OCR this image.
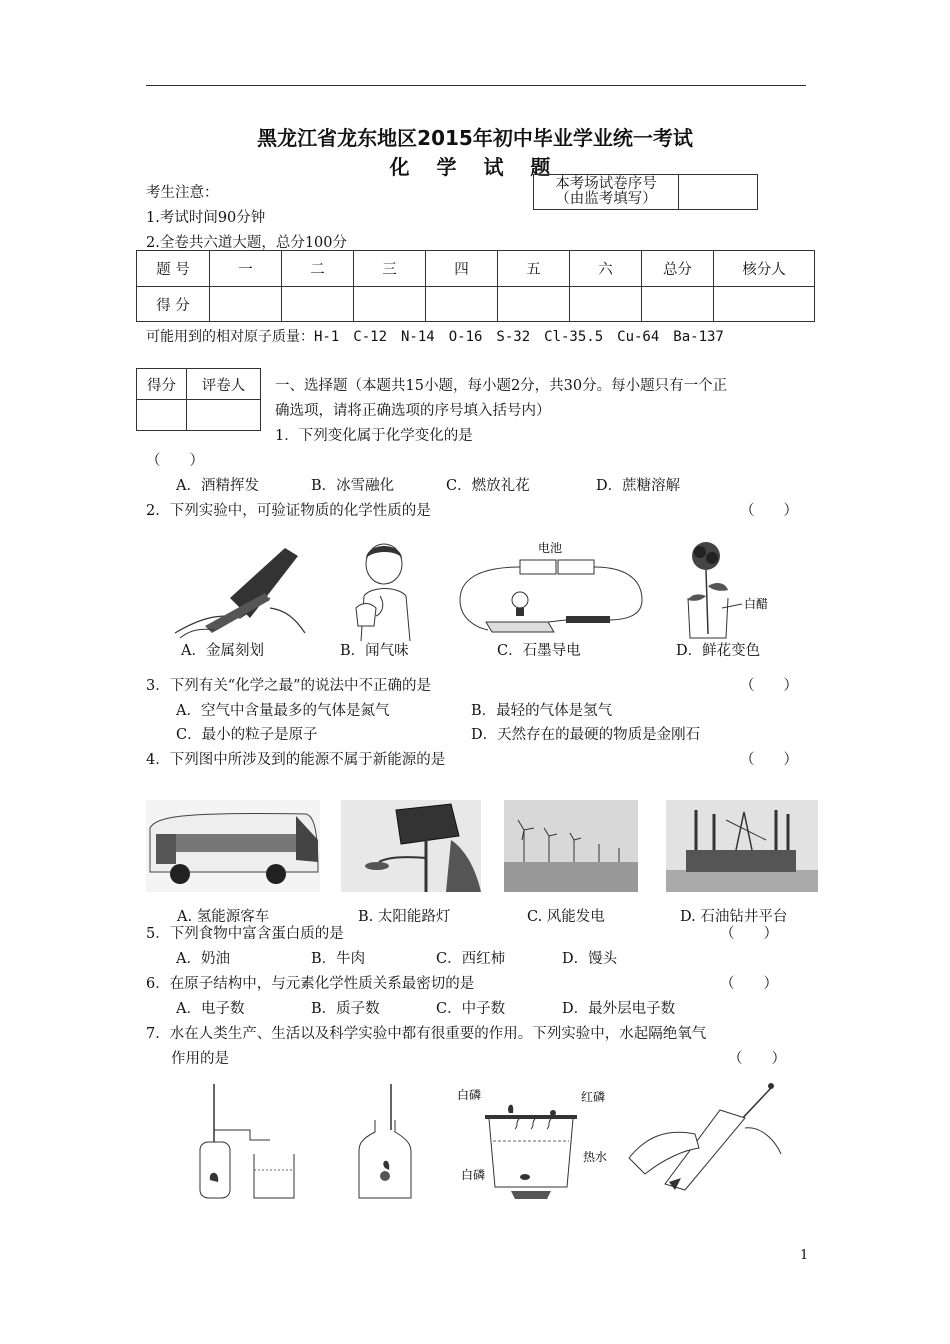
黑龙江省龙东地区2015年初中毕业学业统一考试
化 学 试 题
考生注意：
1.考试时间90分钟
2.全卷共六道大题，总分100分
本考场试卷序号
（由监考填写）

题 号	一	二	三	四	五	六	总分	核分人
得 分								
可能用到的相对原子质量：H-1　C-12　N-14　O-16　S-32　Cl-35.5　Cu-64　Ba-137
得分	评卷人
	一、选择题（本题共15小题，每小题2分，共30分。每小题只有一个正
确选项，请将正确选项的序号填入括号内）
1．下列变化属于化学变化的是
（　　）
A．酒精挥发	B．冰雪融化	C．燃放礼花	D．蔗糖溶解
2．下列实验中，可验证物质的化学性质的是	（　　）
A．金属刻划	B．闻气味
电池
C．石墨导电
白醋
D．鲜花变色
3．下列有关“化学之最”的说法中不正确的是	（　　）
A．空气中含量最多的气体是氮气	B．最轻的气体是氢气
C．最小的粒子是原子	D．天然存在的最硬的物质是金刚石
4．下列图中所涉及到的能源不属于新能源的是	（　　）
A. 氢能源客车	B. 太阳能路灯	C. 风能发电	D. 石油钻井平台
5．下列食物中富含蛋白质的是	（　　）
A．奶油	B．牛肉	C．西红柿	D．馒头
6．在原子结构中，与元素化学性质关系最密切的是	（　　）
A．电子数	B．质子数	C．中子数	D．最外层电子数
7．水在人类生产、生活以及科学实验中都有很重要的作用。下列实验中，水起隔绝氧气
作用的是	（　　）
白磷	红磷
热水
白磷
1
